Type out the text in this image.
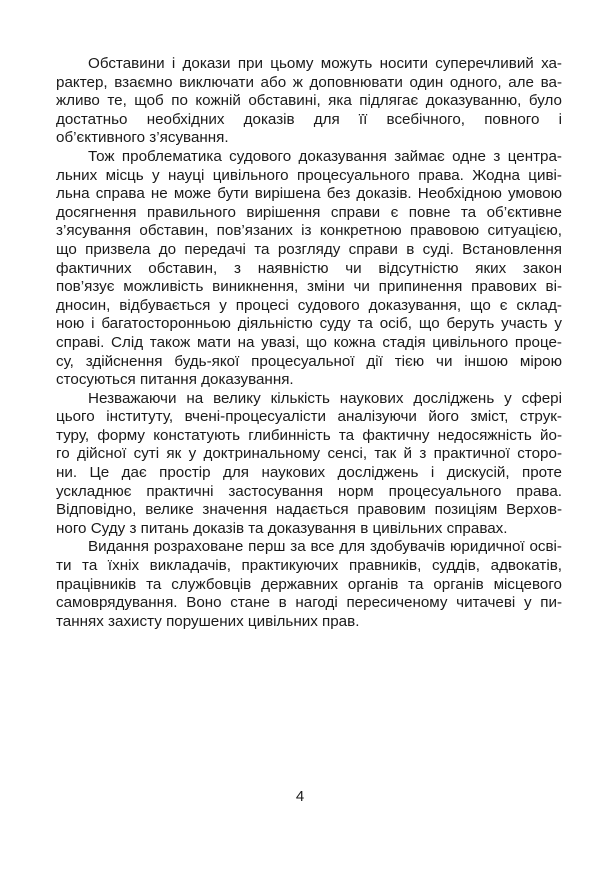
Обставини і докази при цьому можуть носити суперечливий ха-
рактер, взаємно виключати або ж доповнювати один одного, але ва-
жливо те, щоб по кожній обставині, яка підлягає доказуванню, було
достатньо необхідних доказів для її всебічного, повного і
об’єктивного з’ясування.
Тож проблематика судового доказування займає одне з центра-
льних місць у науці цивільного процесуального права. Жодна циві-
льна справа не може бути вирішена без доказів. Необхідною умовою
досягнення правильного вирішення справи є повне та об’єктивне
з’ясування обставин, пов’язаних із конкретною правовою ситуацією,
що призвела до передачі та розгляду справи в суді. Встановлення
фактичних обставин, з наявністю чи відсутністю яких закон
пов’язує можливість виникнення, зміни чи припинення правових ві-
дносин, відбувається у процесі судового доказування, що є склад-
ною і багатосторонньою діяльністю суду та осіб, що беруть участь у
справі. Слід також мати на увазі, що кожна стадія цивільного проце-
су, здійснення будь-якої процесуальної дії тією чи іншою мірою
стосуються питання доказування.
Незважаючи на велику кількість наукових досліджень у сфері
цього інституту, вчені-процесуалісти аналізуючи його зміст, струк-
туру, форму констатують глибинність та фактичну недосяжність йо-
го дійсної суті як у доктринальному сенсі, так й з практичної сторо-
ни. Це дає простір для наукових досліджень і дискусій, проте
ускладнює практичні застосування норм процесуального права.
Відповідно, велике значення надається правовим позиціям Верхов-
ного Суду з питань доказів та доказування в цивільних справах.
Видання розраховане перш за все для здобувачів юридичної осві-
ти та їхніх викладачів, практикуючих правників, суддів, адвокатів,
працівників та службовців державних органів та органів місцевого
самоврядування. Воно стане в нагоді пересиченому читачеві у пи-
таннях захисту порушених цивільних прав.
4
